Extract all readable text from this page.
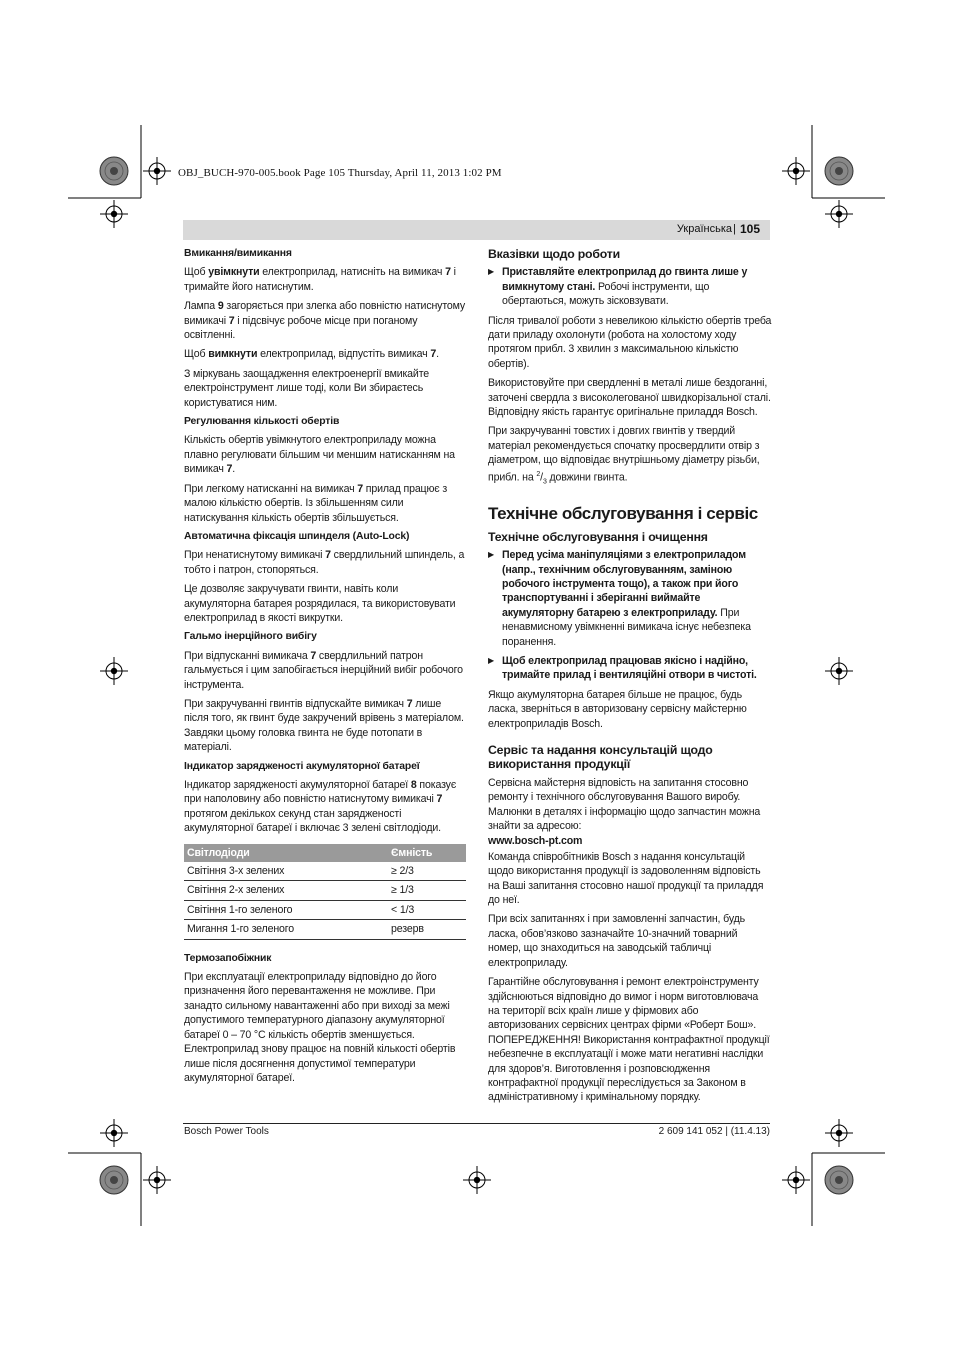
OBJ_BUCH-970-005.book Page 105 Thursday, April 11, 2013 1:02 PM
Українська | 105
Вмикання/вимикання
Щоб увімкнути електроприлад, натисніть на вимикач 7 і тримайте його натиснутим.
Лампа 9 загоряється при злегка або повністю натиснутому вимикачі 7 і підсвічує робоче місце при поганому освітленні.
Щоб вимкнути електроприлад, відпустіть вимикач 7.
З міркувань заощадження електроенергії вмикайте електроінструмент лише тоді, коли Ви збираєтесь користуватися ним.
Регулювання кількості обертів
Кількість обертів увімкнутого електроприладу можна плавно регулювати більшим чи меншим натисканням на вимикач 7.
При легкому натисканні на вимикач 7 прилад працює з малою кількістю обертів. Із збільшенням сили натискування кількість обертів збільшується.
Автоматична фіксація шпинделя (Auto-Lock)
При ненатиснутому вимикачі 7 свердлильний шпиндель, а тобто і патрон, стопоряться.
Це дозволяє закручувати гвинти, навіть коли акумуляторна батарея розрядилася, та використовувати електроприлад в якості викрутки.
Гальмо інерційного вибігу
При відпусканні вимикача 7 свердлильний патрон гальмується і цим запобігається інерційний вибіг робочого інструмента.
При закручуванні гвинтів відпускайте вимикач 7 лише після того, як гвинт буде закручений врівень з матеріалом. Завдяки цьому головка гвинта не буде потопати в матеріалі.
Індикатор зарядженості акумуляторної батареї
Індикатор зарядженості акумуляторної батареї 8 показує при наполовину або повністю натиснутому вимикачі 7 протягом декількох секунд стан зарядженості акумуляторної батареї і включає 3 зелені світлодіоди.
Світлодіоди	Ємність
Світіння 3-х зелених	≥ 2/3
Світіння 2-х зелених	≥ 1/3
Світіння 1-го зеленого	< 1/3
Мигання 1-го зеленого	резерв
Термозапобіжник
При експлуатації електроприладу відповідно до його призначення його перевантаження не можливе. При занадто сильному навантаженні або при виході за межі допустимого температурного діапазону акумуляторної батареї 0 – 70 °C кількість обертів зменшується. Електроприлад знову працює на повній кількості обертів лише після досягнення допустимої температури акумуляторної батареї.
Вказівки щодо роботи
▶ Приставляйте електроприлад до гвинта лише у вимкнутому стані. Робочі інструменти, що обертаються, можуть зісковзувати.
Після тривалої роботи з невеликою кількістю обертів треба дати приладу охолонути (робота на холостому ходу протягом прибл. 3 хвилин з максимальною кількістю обертів).
Використовуйте при свердленні в металі лише бездоганні, заточені свердла з високолегованої швидкорізальної сталі. Відповідну якість гарантує оригінальне приладдя Bosch.
При закручуванні товстих і довгих гвинтів у твердий матеріал рекомендується спочатку просвердлити отвір з діаметром, що відповідає внутрішньому діаметру різьби, прибл. на $^2/_3$ довжини гвинта.
Технічне обслуговування і сервіс
Технічне обслуговування і очищення
▶ Перед усіма маніпуляціями з електроприладом (напр., технічним обслуговуванням, заміною робочого інструмента тощо), а також при його транспортуванні і зберіганні виймайте акумуляторну батарею з електроприладу. При ненавмисному увімкненні вимикача існує небезпека поранення.
▶ Щоб електроприлад працював якісно і надійно, тримайте прилад і вентиляційні отвори в чистоті.
Якщо акумуляторна батарея більше не працює, будь ласка, зверніться в авторизовану сервісну майстерню електроприладів Bosch.
Сервіс та надання консультацій щодо використання продукції
Сервісна майстерня відповість на запитання стосовно ремонту і технічного обслуговування Вашого виробу. Малюнки в деталях і інформацію щодо запчастин можна знайти за адресою:
www.bosch-pt.com
Команда співробітників Bosch з надання консультацій щодо використання продукції із задоволенням відповість на Ваші запитання стосовно нашої продукції та приладдя до неї.
При всіх запитаннях і при замовленні запчастин, будь ласка, обов’язково зазначайте 10-значний товарний номер, що знаходиться на заводській табличці електроприладу.
Гарантійне обслуговування і ремонт електроінструменту здійснюються відповідно до вимог і норм виготовлювача на території всіх країн лише у фірмових або авторизованих сервісних центрах фірми «Роберт Бош». ПОПЕРЕДЖЕННЯ! Використання контрафактної продукції небезпечне в експлуатації і може мати негативні наслідки для здоров’я. Виготовлення і розповсюдження контрафактної продукції переслідується за Законом в адміністративному і кримінальному порядку.
Bosch Power Tools	2 609 141 052 | (11.4.13)
